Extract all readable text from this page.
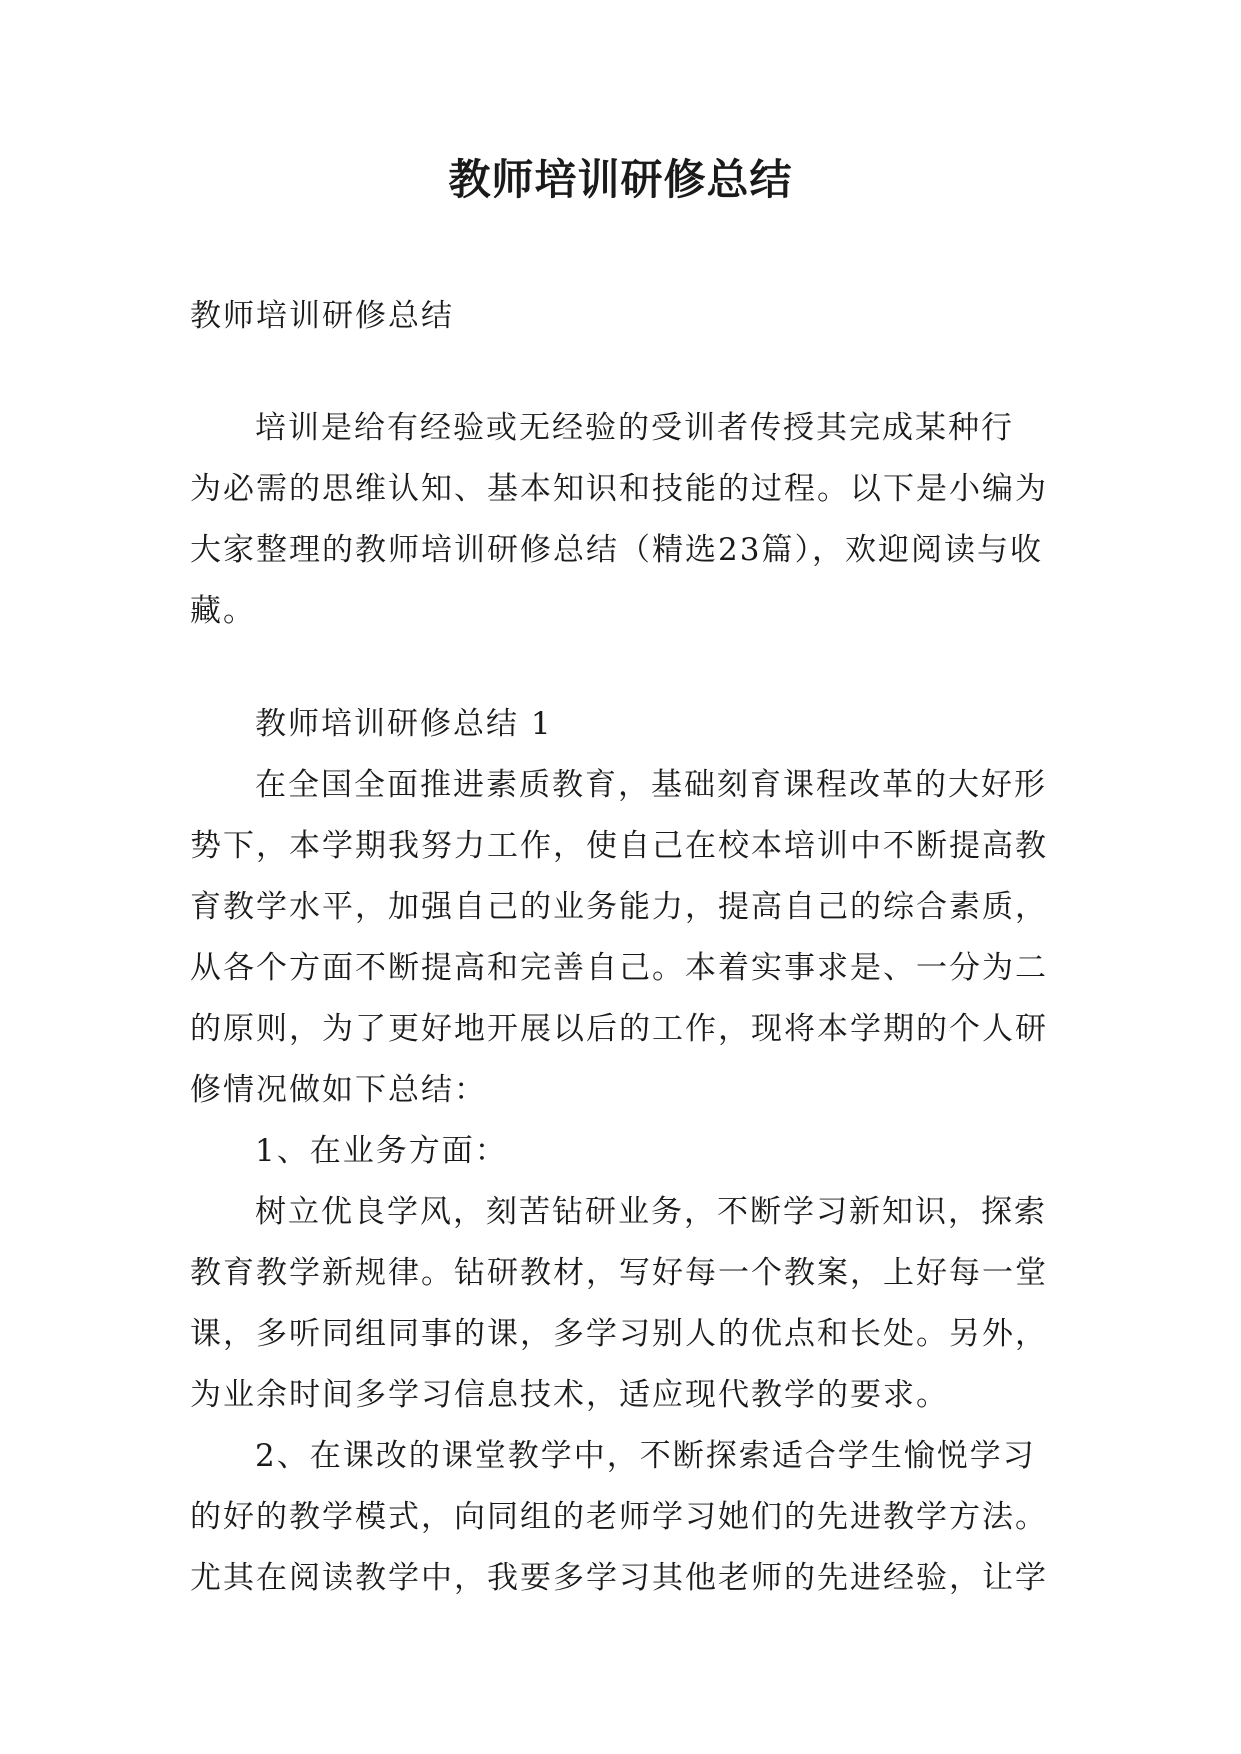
教师培训研修总结
教师培训研修总结
培训是给有经验或无经验的受训者传授其完成某种行
为必需的思维认知、基本知识和技能的过程。以下是小编为
大家整理的教师培训研修总结（精选23篇），欢迎阅读与收
藏。
教师培训研修总结 1
在全国全面推进素质教育，基础刻育课程改革的大好形
势下，本学期我努力工作，使自己在校本培训中不断提高教
育教学水平，加强自己的业务能力，提高自己的综合素质，
从各个方面不断提高和完善自己。本着实事求是、一分为二
的原则，为了更好地开展以后的工作，现将本学期的个人研
修情况做如下总结：
1、在业务方面：
树立优良学风，刻苦钻研业务，不断学习新知识，探索
教育教学新规律。钻研教材，写好每一个教案，上好每一堂
课，多听同组同事的课，多学习别人的优点和长处。另外，
为业余时间多学习信息技术，适应现代教学的要求。
2、在课改的课堂教学中，不断探索适合学生愉悦学习
的好的教学模式，向同组的老师学习她们的先进教学方法。
尤其在阅读教学中，我要多学习其他老师的先进经验，让学
